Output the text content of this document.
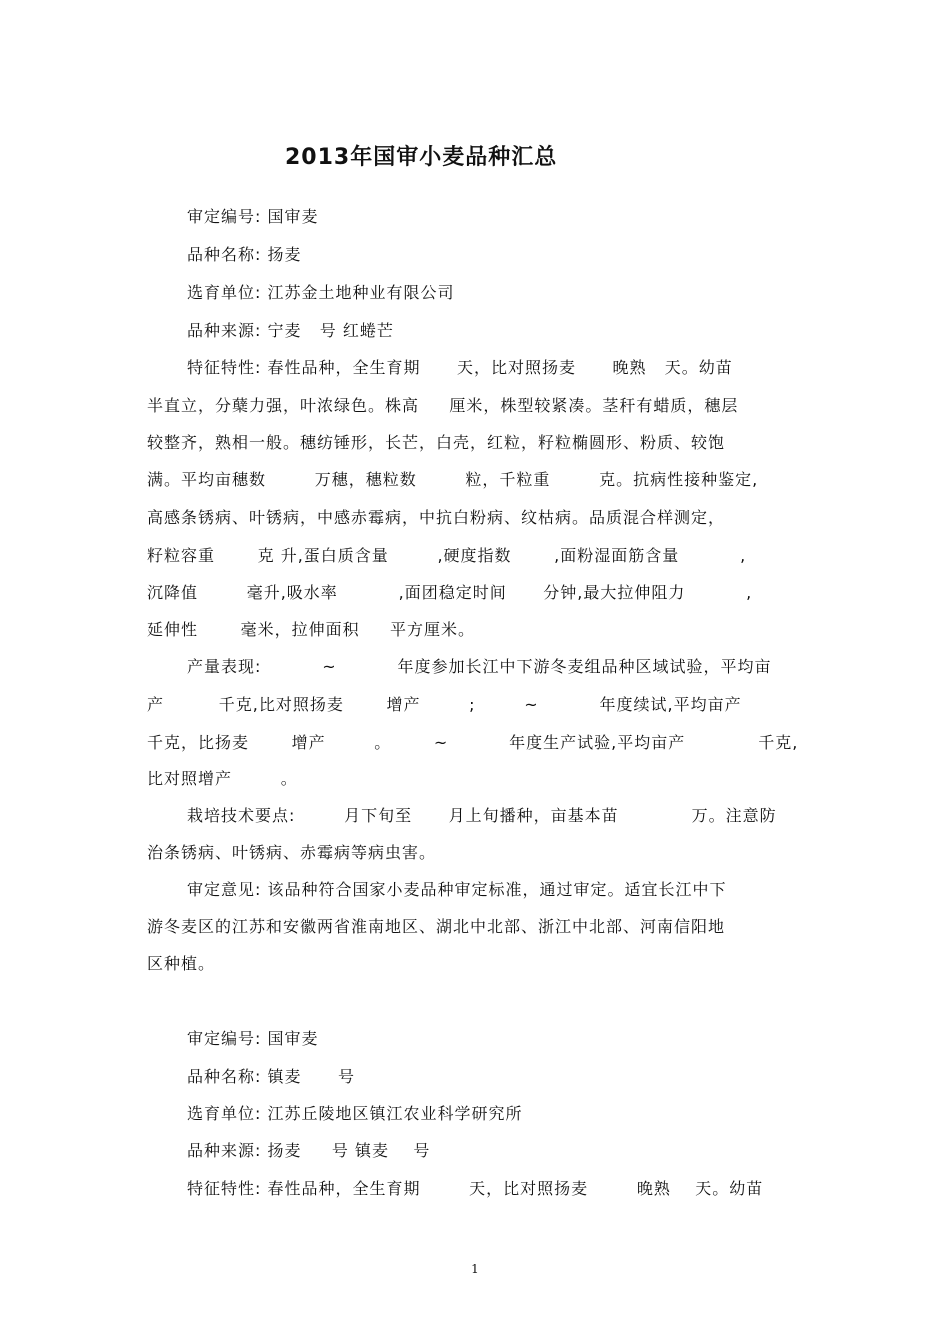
2013年国审小麦品种汇总
审定编号: 国审麦
品种名称: 扬麦
选育单位: 江苏金土地种业有限公司
品种来源: 宁麦   号 红蜷芒
特征特性: 春性品种，全生育期      天，比对照扬麦      晚熟   天。幼苗
半直立，分蘖力强，叶浓绿色。株高     厘米，株型较紧凑。茎秆有蜡质，穗层
较整齐，熟相一般。穗纺锤形，长芒，白壳，红粒，籽粒椭圆形、粉质、较饱
满。平均亩穗数        万穗，穗粒数        粒，千粒重        克。抗病性接种鉴定,
高感条锈病、叶锈病，中感赤霉病，中抗白粉病、纹枯病。品质混合样测定，
籽粒容重       克 升,蛋白质含量        ,硬度指数       ,面粉湿面筋含量          ,
沉降值        毫升,吸水率          ,面团稳定时间      分钟,最大拉伸阻力          ,
延伸性       毫米，拉伸面积     平方厘米。
产量表现:          ~          年度参加长江中下游冬麦组品种区域试验，平均亩
产         千克,比对照扬麦       增产        ;        ~          年度续试,平均亩产
千克，比扬麦       增产        。       ~          年度生产试验,平均亩产            千克,
比对照增产        。
栽培技术要点:        月下旬至      月上旬播种，亩基本苗            万。注意防
治条锈病、叶锈病、赤霉病等病虫害。
审定意见: 该品种符合国家小麦品种审定标准，通过审定。适宜长江中下
游冬麦区的江苏和安徽两省淮南地区、湖北中北部、浙江中北部、河南信阳地
区种植。
审定编号: 国审麦
品种名称: 镇麦      号
选育单位: 江苏丘陵地区镇江农业科学研究所
品种来源: 扬麦     号 镇麦    号
特征特性: 春性品种，全生育期        天，比对照扬麦        晚熟    天。幼苗
1
